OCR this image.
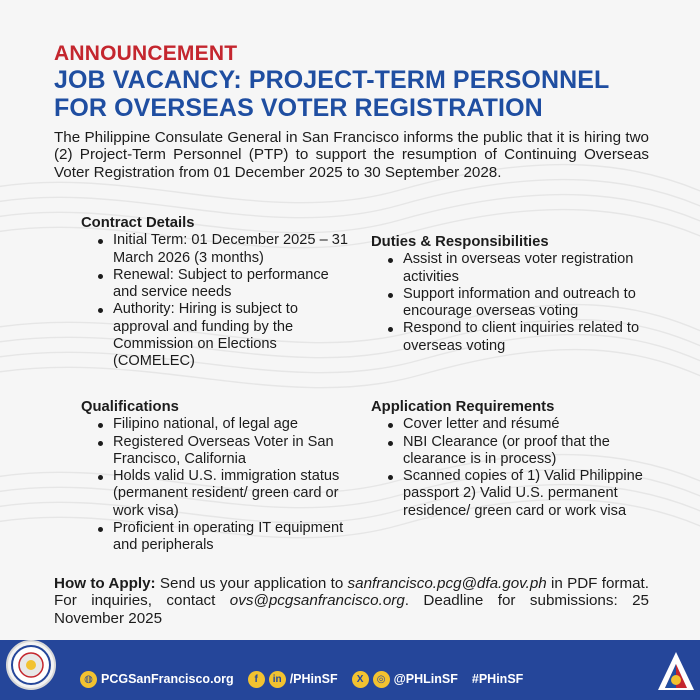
ANNOUNCEMENT
JOB VACANCY: PROJECT-TERM PERSONNEL FOR OVERSEAS VOTER REGISTRATION

The Philippine Consulate General in San Francisco informs the public that it is hiring two (2) Project-Term Personnel (PTP) to support the resumption of Continuing Overseas Voter Registration from 01 December 2025 to 30 September 2028.

Contract Details
Initial Term: 01 December 2025 – 31 March 2026 (3 months)
Renewal: Subject to performance and service needs
Authority: Hiring is subject to approval and funding by the Commission on Elections (COMELEC)
Duties & Responsibilities
Assist in overseas voter registration activities
Support information and outreach to encourage overseas voting
Respond to client inquiries related to overseas voting
Qualifications
Filipino national, of legal age
Registered Overseas Voter in San Francisco, California
Holds valid U.S. immigration status (permanent resident/ green card or work visa)
Proficient in operating IT equipment and peripherals
Application Requirements
Cover letter and résumé
NBI Clearance (or proof that the clearance is in process)
Scanned copies of 1) Valid Philippine passport 2) Valid U.S. permanent residence/ green card or work visa

How to Apply: Send us your application to sanfrancisco.pcg@dfa.gov.ph in PDF format. For inquiries, contact ovs@pcgsanfrancisco.org. Deadline for submissions: 25 November 2025

◍ PCGSanFrancisco.org	f	in /PHinSF	X	◎ @PHLinSF #PHinSF
